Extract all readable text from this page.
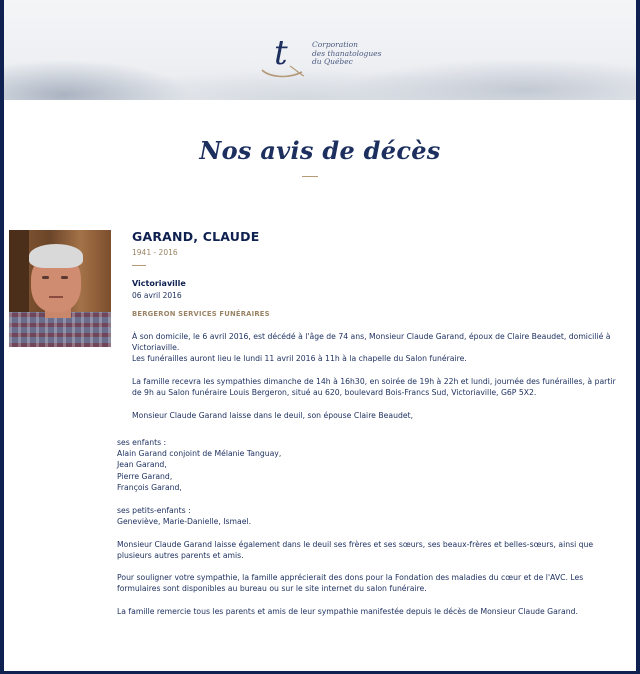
t	Corporation
des thanatologues
du Québec
Nos avis de décès
GARAND, CLAUDE
1941 - 2016
Victoriaville
06 avril 2016
BERGERON SERVICES FUNÉRAIRES

À son domicile, le 6 avril 2016, est décédé à l'âge de 74 ans, Monsieur Claude Garand, époux de Claire Beaudet, domicilié à Victoriaville.

Les funérailles auront lieu le lundi 11 avril 2016 à 11h à la chapelle du Salon funéraire.

La famille recevra les sympathies dimanche de 14h à 16h30, en soirée de 19h à 22h et lundi, journée des funérailles, à partir de 9h au Salon funéraire Louis Bergeron, situé au 620, boulevard Bois-Francs Sud, Victoriaville, G6P 5X2.

Monsieur Claude Garand laisse dans le deuil, son épouse Claire Beaudet,

ses enfants :
Alain Garand conjoint de Mélanie Tanguay,
Jean Garand,
Pierre Garand,
François Garand,
ses petits-enfants :
Geneviève, Marie-Danielle, Ismael.

Monsieur Claude Garand laisse également dans le deuil ses frères et ses sœurs, ses beaux-frères et belles-sœurs, ainsi que plusieurs autres parents et amis.

Pour souligner votre sympathie, la famille apprécierait des dons pour la Fondation des maladies du cœur et de l'AVC. Les formulaires sont disponibles au bureau ou sur le site internet du salon funéraire.

La famille remercie tous les parents et amis de leur sympathie manifestée depuis le décès de Monsieur Claude Garand.
